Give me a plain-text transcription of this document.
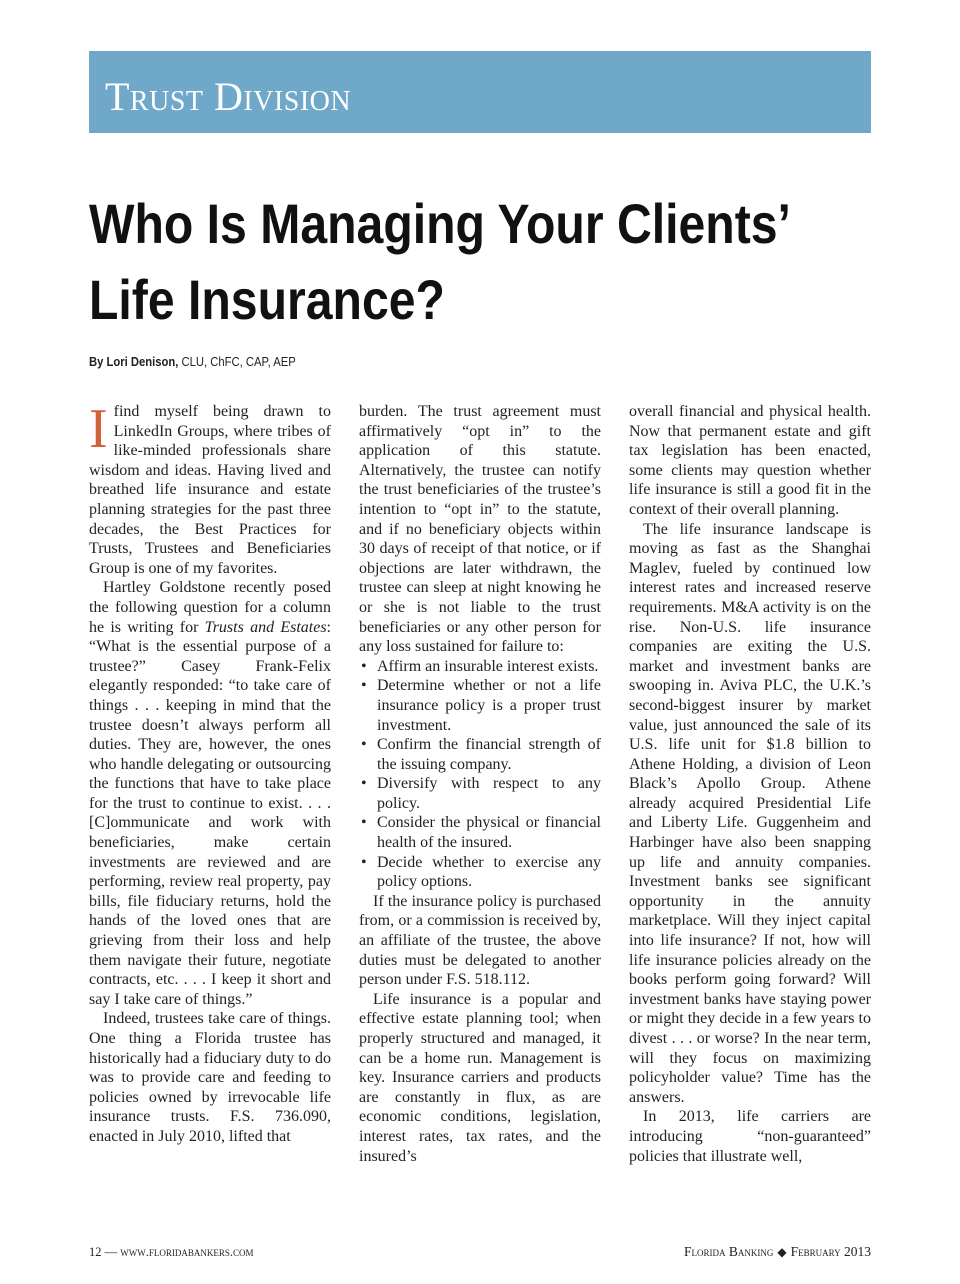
Trust Division
Who Is Managing Your Clients’
Life Insurance?
By Lori Denison, CLU, ChFC, CAP, AEP

Ifind myself being drawn to LinkedIn Groups, where tribes of like-minded professionals share wisdom and ideas. Having lived and breathed life insurance and estate planning strategies for the past three decades, the Best Practices for Trusts, Trustees and Beneficiaries Group is one of my favorites.

Hartley Goldstone recently posed the following question for a column he is writing for Trusts and Estates: “What is the essential purpose of a trustee?” Casey Frank-Felix elegantly responded: “to take care of things . . . keeping in mind that the trustee doesn’t always perform all duties. They are, however, the ones who handle delegating or outsourcing the functions that have to take place for the trust to continue to exist. . . . [C]ommunicate and work with beneficiaries, make certain investments are reviewed and are performing, review real property, pay bills, file fiduciary returns, hold the hands of the loved ones that are grieving from their loss and help them navigate their future, negotiate contracts, etc. . . . I keep it short and say I take care of things.”

Indeed, trustees take care of things. One thing a Florida trustee has historically had a fiduciary duty to do was to provide care and feeding to policies owned by irrevocable life insurance trusts. F.S. 736.090, enacted in July 2010, lifted that

burden. The trust agreement must affirmatively “opt in” to the application of this statute. Alternatively, the trustee can notify the trust beneficiaries of the trustee’s intention to “opt in” to the statute, and if no beneficiary objects within 30 days of receipt of that notice, or if objections are later withdrawn, the trustee can sleep at night knowing he or she is not liable to the trust beneficiaries or any other person for any loss sustained for failure to:

• Affirm an insurable interest exists.
• Determine whether or not a life insurance policy is a proper trust investment.
• Confirm the financial strength of the issuing company.
• Diversify with respect to any policy.
• Consider the physical or financial health of the insured.
• Decide whether to exercise any policy options.

If the insurance policy is purchased from, or a commission is received by, an affiliate of the trustee, the above duties must be delegated to another person under F.S. 518.112.

Life insurance is a popular and effective estate planning tool; when properly structured and managed, it can be a home run. Management is key. Insurance carriers and products are constantly in flux, as are economic conditions, legislation, interest rates, tax rates, and the insured’s

overall financial and physical health. Now that permanent estate and gift tax legislation has been enacted, some clients may question whether life insurance is still a good fit in the context of their overall planning.

The life insurance landscape is moving as fast as the Shanghai Maglev, fueled by continued low interest rates and increased reserve requirements. M&A activity is on the rise. Non-U.S. life insurance companies are exiting the U.S. market and investment banks are swooping in. Aviva PLC, the U.K.’s second-biggest insurer by market value, just announced the sale of its U.S. life unit for $1.8 billion to Athene Holding, a division of Leon Black’s Apollo Group. Athene already acquired Presidential Life and Liberty Life. Guggenheim and Harbinger have also been snapping up life and annuity companies. Investment banks see significant opportunity in the annuity marketplace. Will they inject capital into life insurance? If not, how will life insurance policies already on the books perform going forward? Will investment banks have staying power or might they decide in a few years to divest . . . or worse? In the near term, will they focus on maximizing policyholder value? Time has the answers.

In 2013, life carriers are introducing “non-guaranteed” policies that illustrate well,

12 — www.floridabankers.com	Florida Banking ◆ February 2013
